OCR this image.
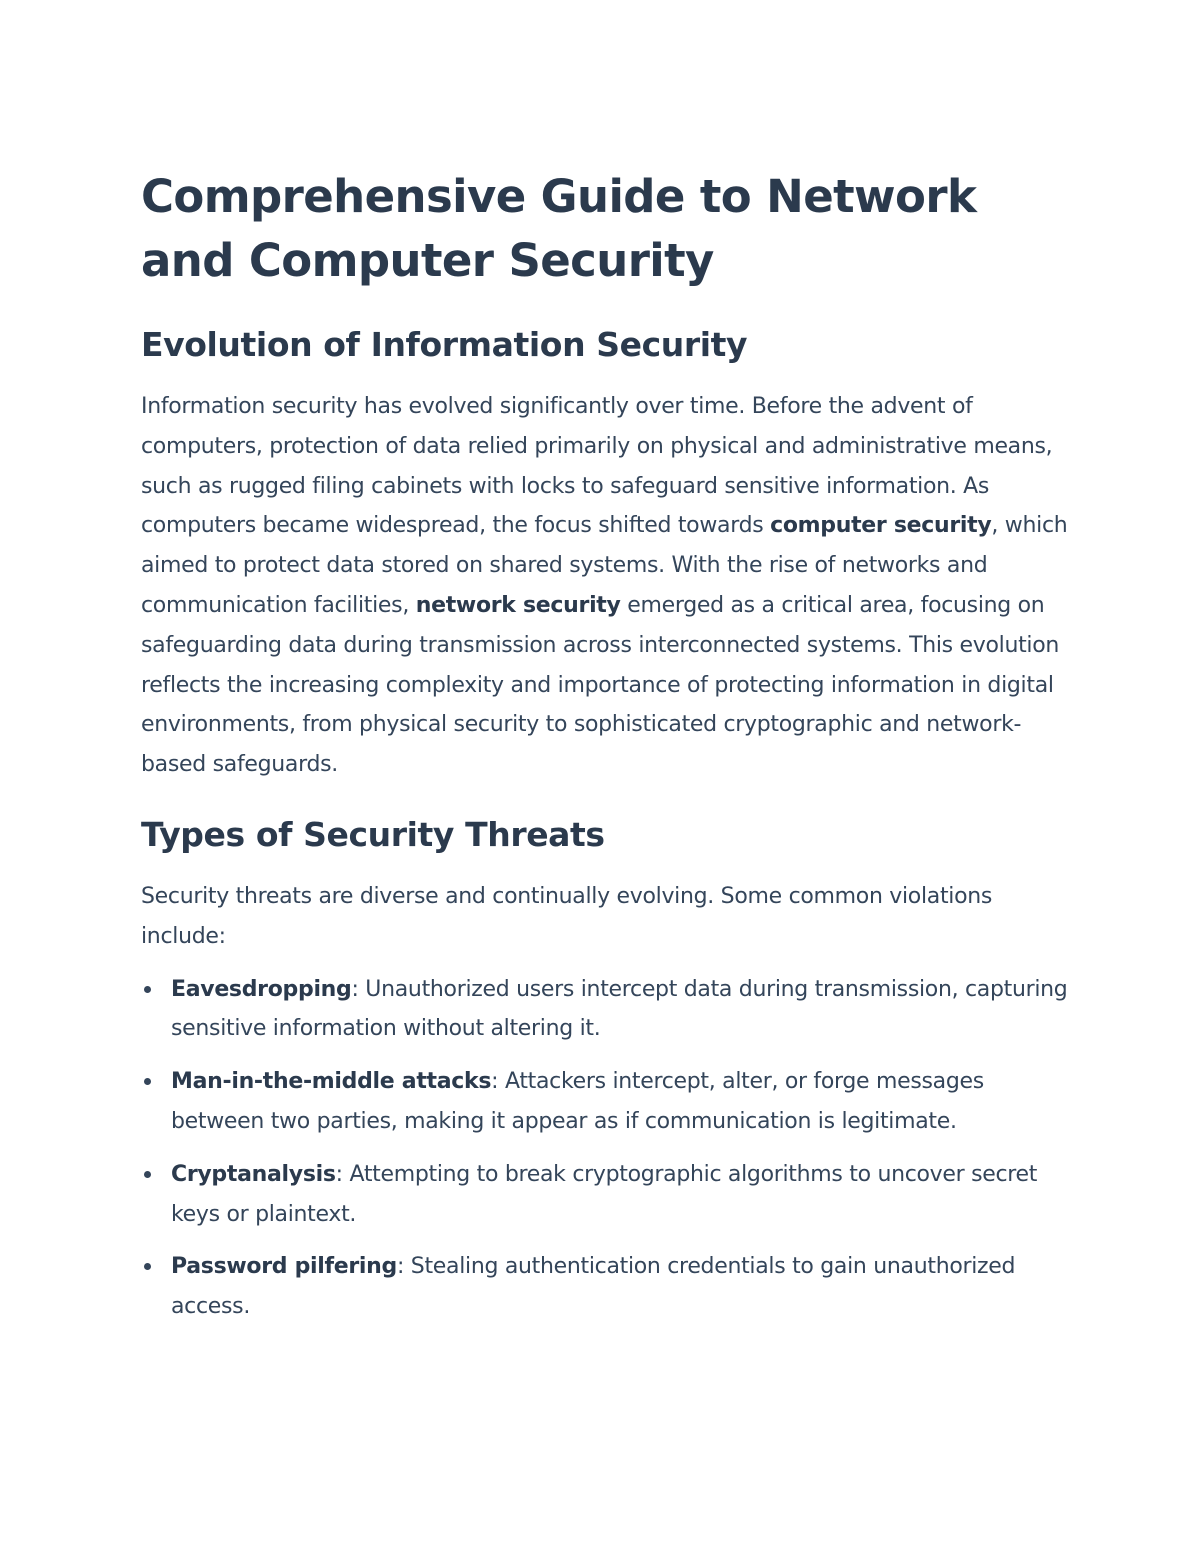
Comprehensive Guide to Network and Computer Security
Evolution of Information Security

Information security has evolved significantly over time. Before the advent of computers, protection of data relied primarily on physical and administrative means, such as rugged filing cabinets with locks to safeguard sensitive information. As computers became widespread, the focus shifted towards computer security, which aimed to protect data stored on shared systems. With the rise of networks and communication facilities, network security emerged as a critical area, focusing on safeguarding data during transmission across interconnected systems. This evolution reflects the increasing complexity and importance of protecting information in digital environments, from physical security to sophisticated cryptographic and network-based safeguards.

Types of Security Threats

Security threats are diverse and continually evolving. Some common violations include:

Eavesdropping: Unauthorized users intercept data during transmission, capturing sensitive information without altering it.
Man-in-the-middle attacks: Attackers intercept, alter, or forge messages between two parties, making it appear as if communication is legitimate.
Cryptanalysis: Attempting to break cryptographic algorithms to uncover secret keys or plaintext.
Password pilfering: Stealing authentication credentials to gain unauthorized access.
